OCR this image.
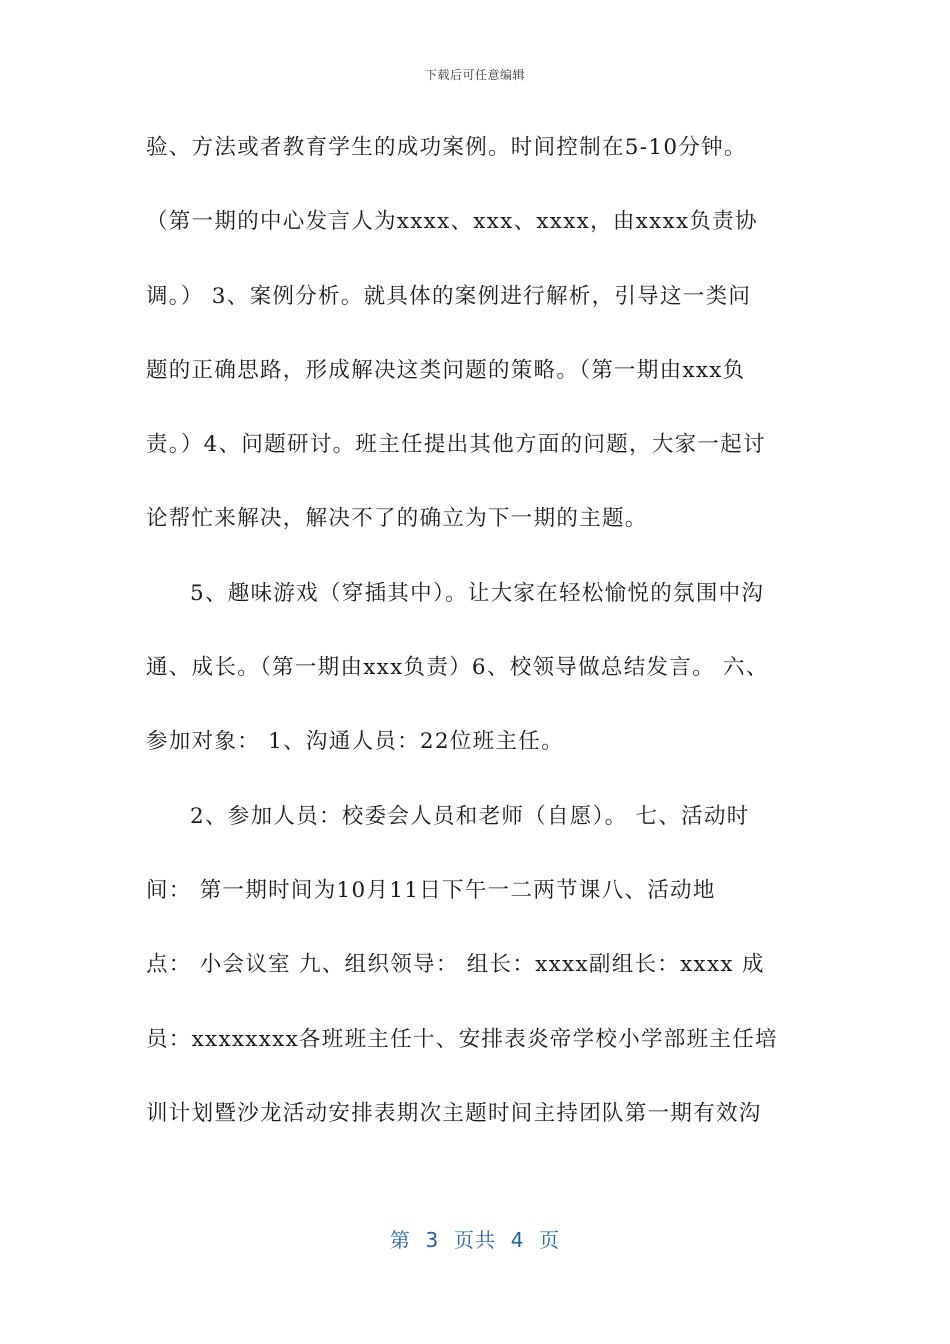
下载后可任意编辑
验、方法或者教育学生的成功案例。时间控制在5-10分钟。
（第一期的中心发言人为xxxx、xxx、xxxx，由xxxx负责协
调。） 3、案例分析。就具体的案例进行解析，引导这一类问
题的正确思路，形成解决这类问题的策略。（第一期由xxx负
责。）4、问题研讨。班主任提出其他方面的问题，大家一起讨
论帮忙来解决，解决不了的确立为下一期的主题。
5、趣味游戏（穿插其中）。让大家在轻松愉悦的氛围中沟
通、成长。（第一期由xxx负责）6、校领导做总结发言。 六、
参加对象： 1、沟通人员：22位班主任。
2、参加人员：校委会人员和老师（自愿）。 七、活动时
间： 第一期时间为10月11日下午一二两节课八、活动地
点： 小会议室 九、组织领导： 组长：xxxx副组长：xxxx 成
员：xxxxxxxx各班班主任十、安排表炎帝学校小学部班主任培
训计划暨沙龙活动安排表期次主题时间主持团队第一期有效沟
第  3  页共  4  页
